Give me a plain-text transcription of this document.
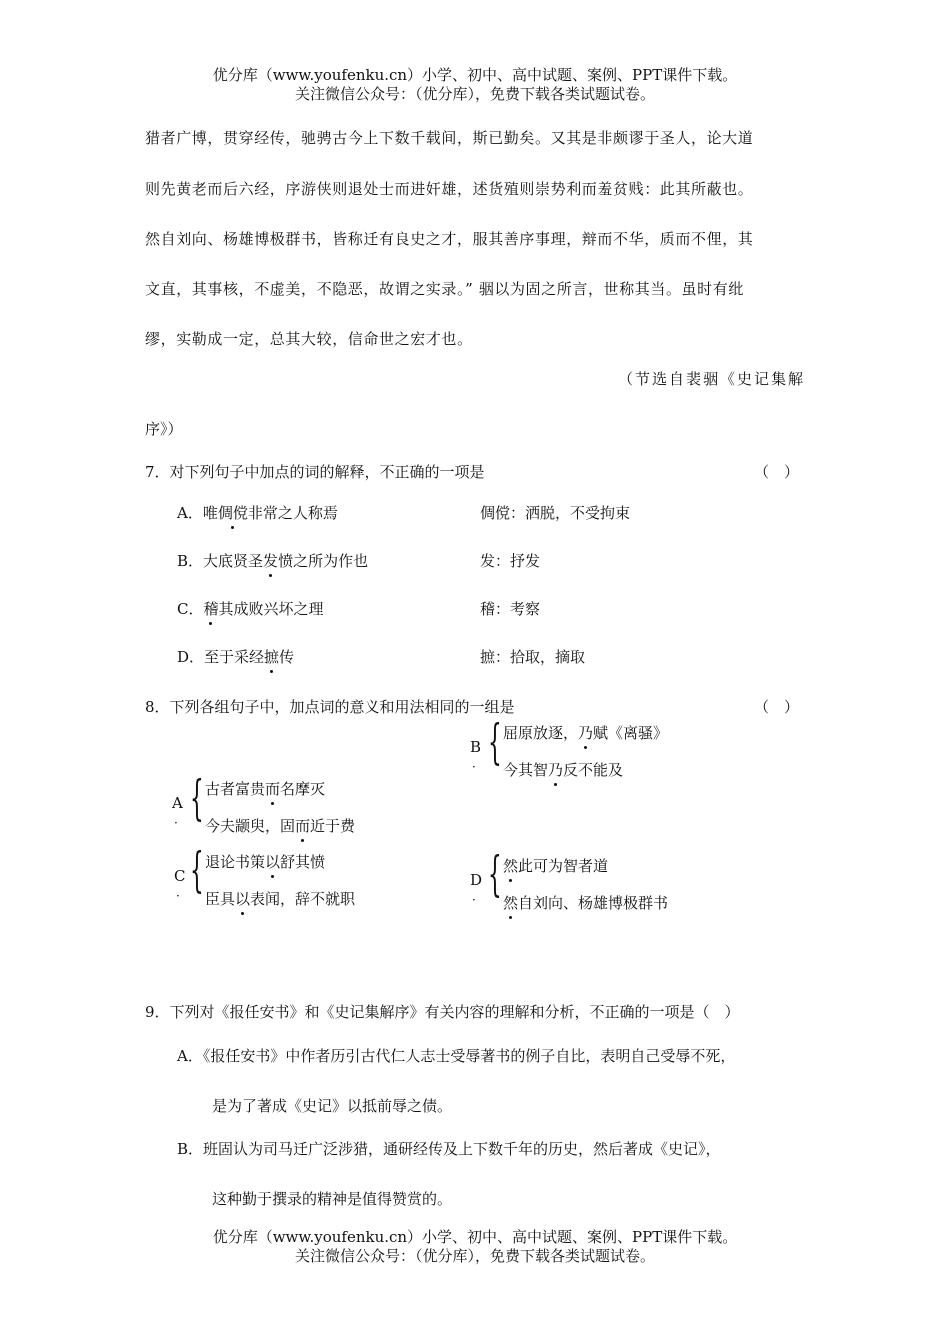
优分库（www.youfenku.cn）小学、初中、高中试题、案例、PPT课件下载。
关注微信公众号：（优分库），免费下载各类试题试卷。
猎者广博，贯穿经传，驰骋古今上下数千载间，斯已勤矣。又其是非颇谬于圣人，论大道
则先黄老而后六经，序游侠则退处士而进奸雄，述货殖则崇势利而羞贫贱：此其所蔽也。
然自刘向、杨雄博极群书，皆称迁有良史之才，服其善序事理，辩而不华，质而不俚，其
文直，其事核，不虚美，不隐恶，故谓之实录。” 骃以为固之所言，世称其当。虽时有纰
缪，实勒成一定，总其大较，信命世之宏才也。
（节选自裴骃《史记集解
序》）
7．对下列句子中加点的词的解释，不正确的一项是	（　）
A．唯倜傥非常之人称焉	倜傥：洒脱，不受拘束
B．大底贤圣发愤之所为作也	发：抒发
C．稽其成败兴坏之理	稽：考察
D．至于采经摭传	摭：拾取，摘取
8．下列各组句子中，加点词的意义和用法相同的一组是	（　）
B
· { 屈原放逐，乃赋《离骚》
今其智乃反不能及
A
· { 古者富贵而名摩灭
今夫颛臾，固而近于费
C
· { 退论书策以舒其愤
臣具以表闻，辞不就职
D
· { 然此可为智者道
然自刘向、杨雄博极群书
9．下列对《报任安书》和《史记集解序》有关内容的理解和分析，不正确的一项是（　）
A．《报任安书》中作者历引古代仁人志士受辱著书的例子自比，表明自己受辱不死，
是为了著成《史记》以抵前辱之债。
B．班固认为司马迁广泛涉猎，通研经传及上下数千年的历史，然后著成《史记》，
这种勤于撰录的精神是值得赞赏的。
优分库（www.youfenku.cn）小学、初中、高中试题、案例、PPT课件下载。
关注微信公众号：（优分库），免费下载各类试题试卷。
